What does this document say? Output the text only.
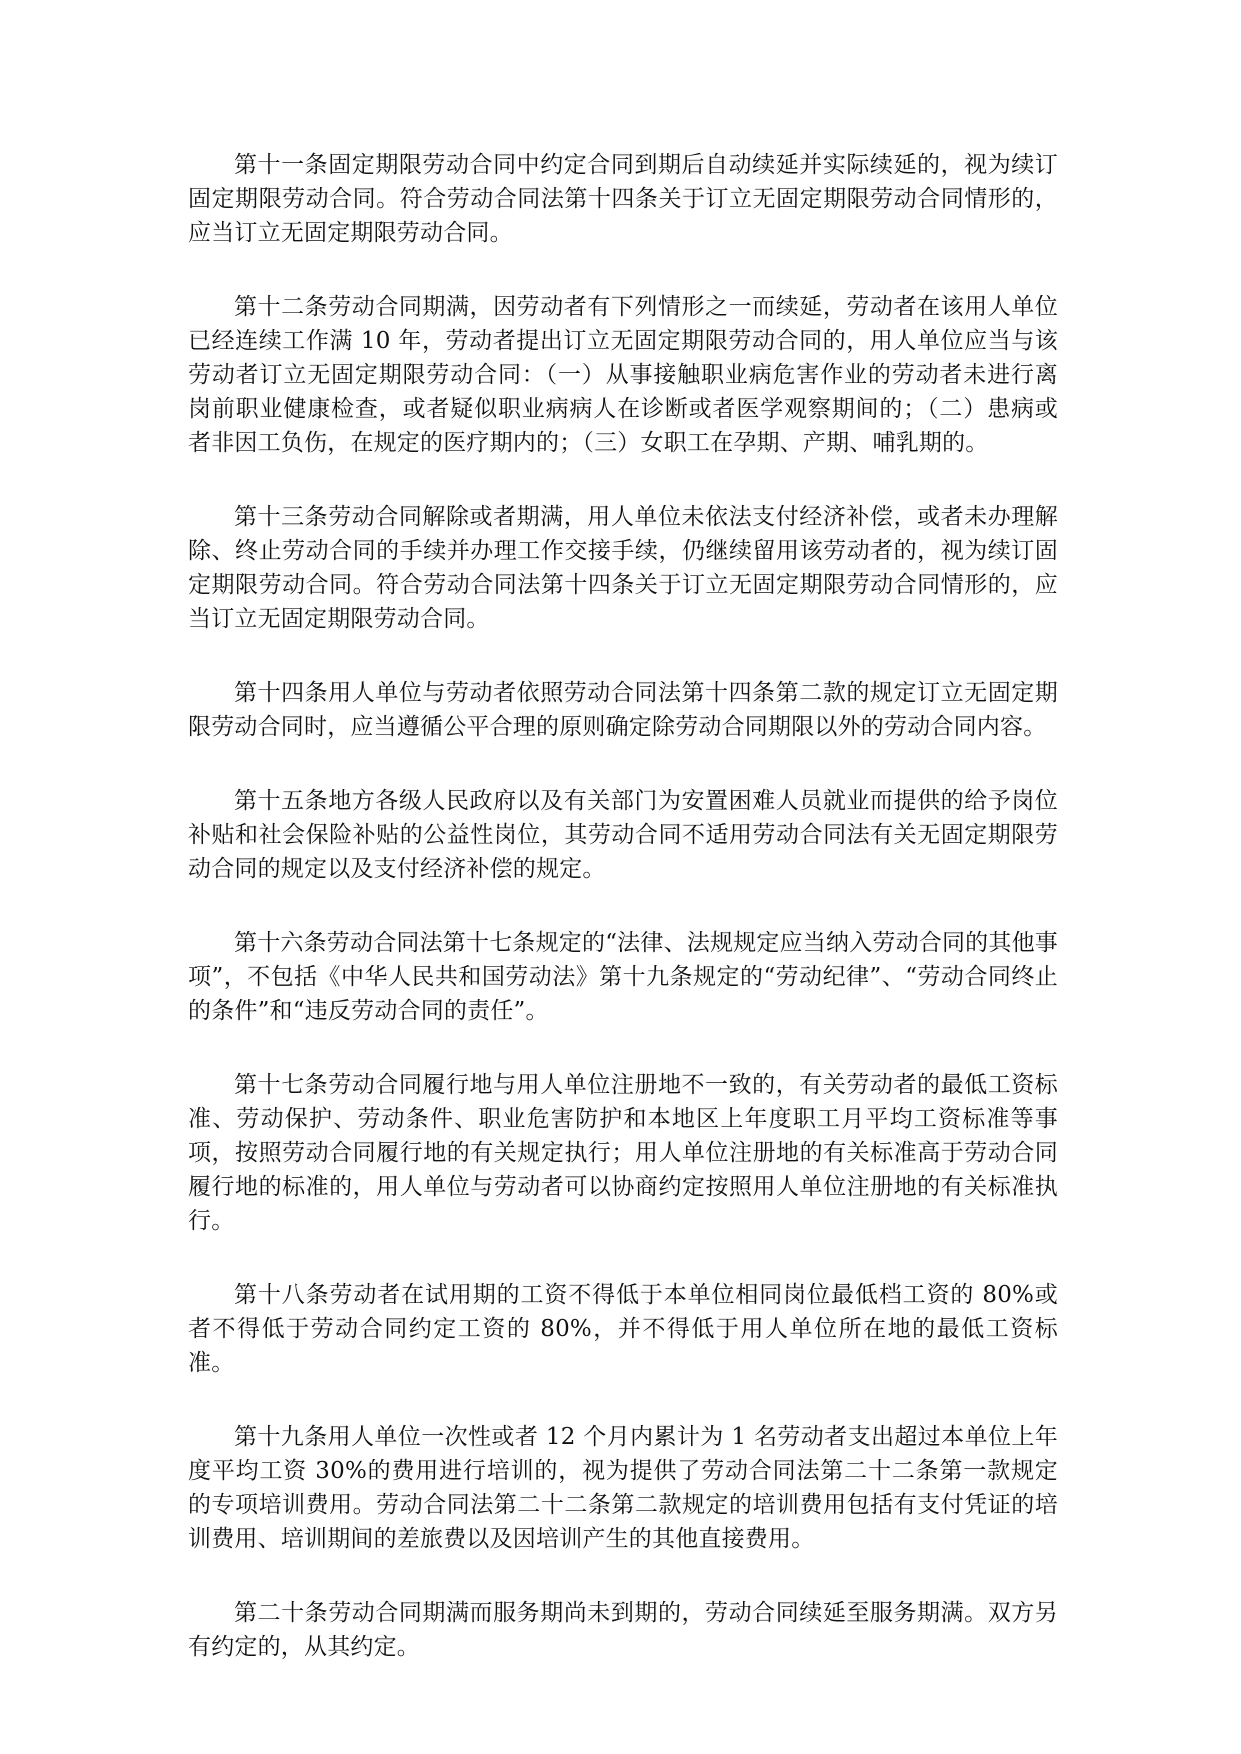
第十一条固定期限劳动合同中约定合同到期后自动续延并实际续延的，视为续订固定期限劳动合同。符合劳动合同法第十四条关于订立无固定期限劳动合同情形的，应当订立无固定期限劳动合同。

第十二条劳动合同期满，因劳动者有下列情形之一而续延，劳动者在该用人单位已经连续工作满 10 年，劳动者提出订立无固定期限劳动合同的，用人单位应当与该劳动者订立无固定期限劳动合同：（一）从事接触职业病危害作业的劳动者未进行离岗前职业健康检查，或者疑似职业病病人在诊断或者医学观察期间的；（二）患病或者非因工负伤，在规定的医疗期内的；（三）女职工在孕期、产期、哺乳期的。

第十三条劳动合同解除或者期满，用人单位未依法支付经济补偿，或者未办理解除、终止劳动合同的手续并办理工作交接手续，仍继续留用该劳动者的，视为续订固定期限劳动合同。符合劳动合同法第十四条关于订立无固定期限劳动合同情形的，应当订立无固定期限劳动合同。

第十四条用人单位与劳动者依照劳动合同法第十四条第二款的规定订立无固定期限劳动合同时，应当遵循公平合理的原则确定除劳动合同期限以外的劳动合同内容。

第十五条地方各级人民政府以及有关部门为安置困难人员就业而提供的给予岗位补贴和社会保险补贴的公益性岗位，其劳动合同不适用劳动合同法有关无固定期限劳动合同的规定以及支付经济补偿的规定。

第十六条劳动合同法第十七条规定的“法律、法规规定应当纳入劳动合同的其他事项”，不包括《中华人民共和国劳动法》第十九条规定的“劳动纪律”、“劳动合同终止的条件”和“违反劳动合同的责任”。

第十七条劳动合同履行地与用人单位注册地不一致的，有关劳动者的最低工资标准、劳动保护、劳动条件、职业危害防护和本地区上年度职工月平均工资标准等事项，按照劳动合同履行地的有关规定执行；用人单位注册地的有关标准高于劳动合同履行地的标准的，用人单位与劳动者可以协商约定按照用人单位注册地的有关标准执行。

第十八条劳动者在试用期的工资不得低于本单位相同岗位最低档工资的 80%或者不得低于劳动合同约定工资的 80%，并不得低于用人单位所在地的最低工资标准。

第十九条用人单位一次性或者 12 个月内累计为 1 名劳动者支出超过本单位上年度平均工资 30%的费用进行培训的，视为提供了劳动合同法第二十二条第一款规定的专项培训费用。劳动合同法第二十二条第二款规定的培训费用包括有支付凭证的培训费用、培训期间的差旅费以及因培训产生的其他直接费用。

第二十条劳动合同期满而服务期尚未到期的，劳动合同续延至服务期满。双方另有约定的，从其约定。
